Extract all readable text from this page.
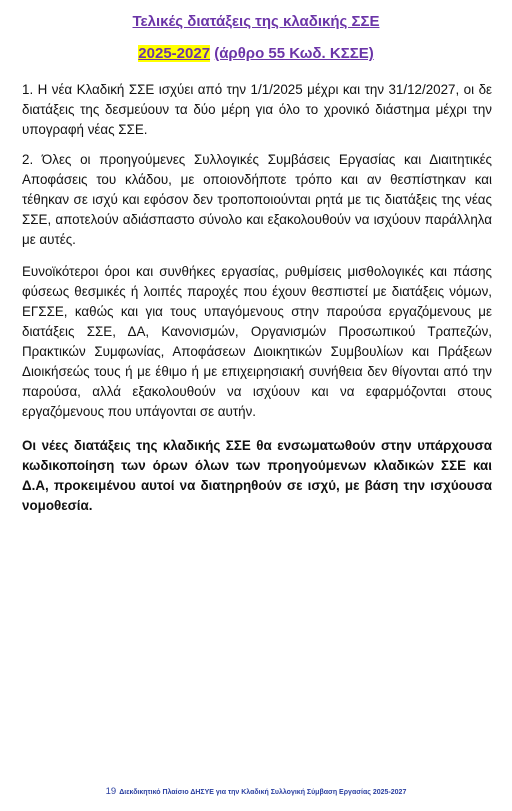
Τελικές διατάξεις της κλαδικής ΣΣΕ
2025-2027 (άρθρο 55 Κωδ. ΚΣΣΕ)
1. Η νέα Κλαδική ΣΣΕ ισχύει από την 1/1/2025 μέχρι και την 31/12/2027, οι δε διατάξεις της δεσμεύουν τα δύο μέρη για όλο το χρονικό διάστημα μέχρι την υπογραφή νέας ΣΣΕ.
2. Όλες οι προηγούμενες Συλλογικές Συμβάσεις Εργασίας και Διαιτητικές Αποφάσεις του κλάδου, με οποιονδήποτε τρόπο και αν θεσπίστηκαν και τέθηκαν σε ισχύ και εφόσον δεν τροποποιούνται ρητά με τις διατάξεις της νέας ΣΣΕ, αποτελούν αδιάσπαστο σύνολο και εξακολουθούν να ισχύουν παράλληλα με αυτές.
Ευνοϊκότεροι όροι και συνθήκες εργασίας, ρυθμίσεις μισθολογικές και πάσης φύσεως θεσμικές ή λοιπές παροχές που έχουν θεσπιστεί με διατάξεις νόμων, ΕΓΣΣΕ, καθώς και για τους υπαγόμενους στην παρούσα εργαζόμενους με διατάξεις ΣΣΕ, ΔΑ, Κανονισμών, Οργανισμών Προσωπικού Τραπεζών, Πρακτικών Συμφωνίας, Αποφάσεων Διοικητικών Συμβουλίων και Πράξεων Διοικήσεώς τους ή με έθιμο ή με επιχειρησιακή συνήθεια δεν θίγονται από την παρούσα, αλλά εξακολουθούν να ισχύουν και να εφαρμόζονται στους εργαζόμενους που υπάγονται σε αυτήν.
Οι νέες διατάξεις της κλαδικής ΣΣΕ θα ενσωματωθούν στην υπάρχουσα κωδικοποίηση των όρων όλων των προηγούμενων κλαδικών ΣΣΕ και Δ.Α, προκειμένου αυτοί να διατηρηθούν σε ισχύ, με βάση την ισχύουσα νομοθεσία.
19 Διεκδικητικό Πλαίσιο ΔΗΣΥΕ για την Κλαδική Συλλογική Σύμβαση Εργασίας 2025-2027
